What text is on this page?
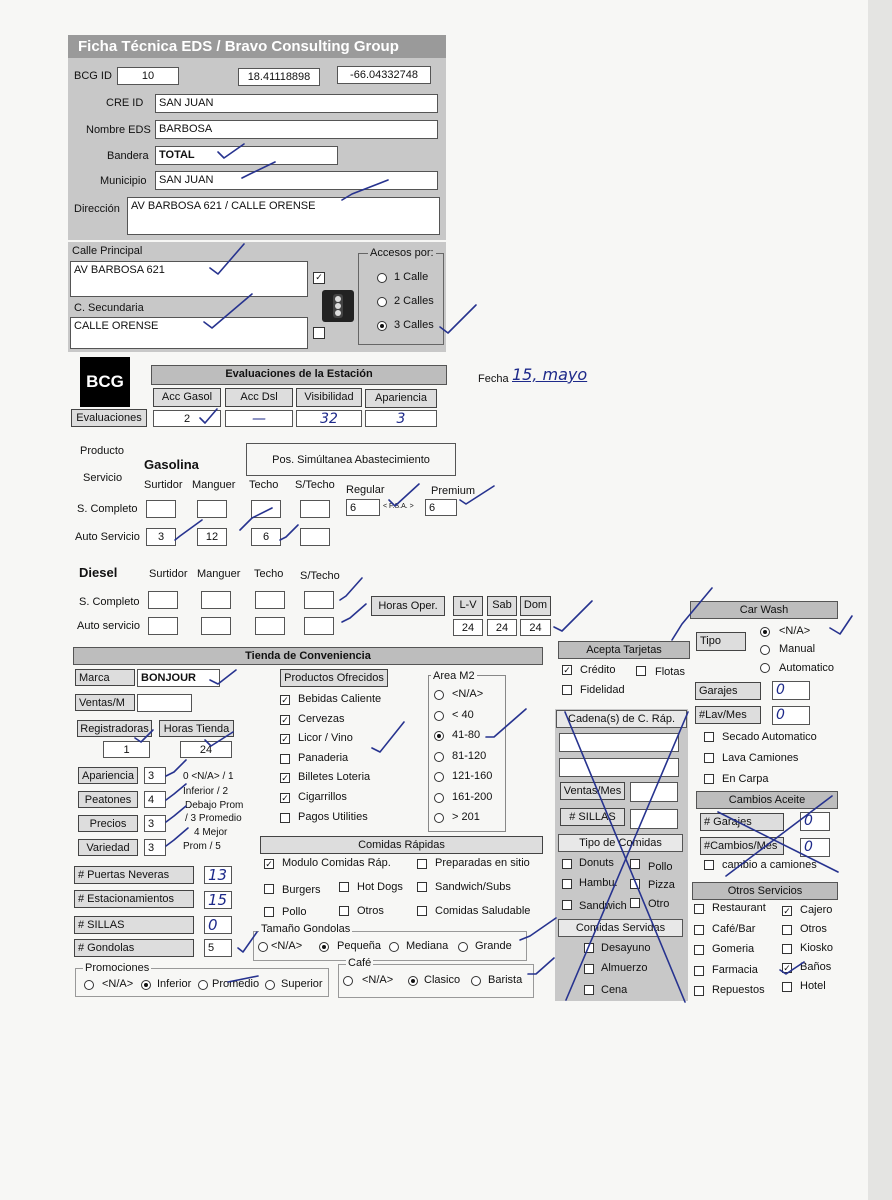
Ficha Técnica EDS / Bravo Consulting Group
BCG ID	10	18.41118898	-66.04332748
CRE ID	SAN JUAN
Nombre EDS BARBOSA
Bandera TOTAL
Municipio	SAN JUAN
Dirección	AV BARBOSA 621 / CALLE ORENSE
Calle Principal
AV BARBOSA 621
✓
C. Secundaria
CALLE ORENSE
Accesos por:
1 Calle
2 Calles
3 Calles
BCG	Evaluaciones de la Estación
Acc Gasol	Acc Dsl	Visibilidad	Apariencia
Evaluaciones	2	—	32	3
Fecha 15, mayo
Producto
Servicio
Gasolina	Pos. Simúltanea Abastecimiento
Surtidor Manguer Techo S/Techo
S. Completo
Auto Servicio	3	12	6
Regular	Premium
6	< F.S.A. >	6
Diesel	Surtidor Manguer Techo S/Techo
S. Completo
Auto servicio
Horas Oper.	L-V	Sab	Dom
24	24	24
Tienda de Conveniencia
Marca	BONJOUR
Ventas/M
Registradoras	Horas Tienda
1	24
Apariencia	3
Peatones	4
Precios	3
Variedad	3
0 <N/A> / 1
Inferior / 2
Debajo Prom
/ 3 Promedio
4 Mejor
Prom / 5
# Puertas Neveras	13
# Estacionamientos	15
# SILLAS	0
# Gondolas	5
Productos Ofrecidos
✓ Bebidas Caliente
✓ Cervezas
✓ Licor / Vino
Panaderia
✓ Billetes Loteria
✓ Cigarrillos
Pagos Utilities
Area M2
<N/A>
< 40
41-80
81-120
121-160
161-200
> 201
Comidas Rápidas
✓ Modulo Comidas Ráp.	Preparadas en sitio
Burgers	Hot Dogs	Sandwich/Subs
Pollo	Otros	Comidas Saludable
Tamaño Gondolas
<N/A>	Pequeña Mediana Grande
Promociones
<N/A> Inferior Promedio Superior
Café
<N/A>	Clasico	Barista
Acepta Tarjetas
✓ Crédito	Flotas
Fidelidad
Cadena(s) de C. Ráp.
Ventas/Mes
# SILLAS
Tipo de Comidas
Donuts	Pollo
Hambu.	Pizza
Sandwich Otro
Comidas Servidas
Desayuno
Almuerzo
Cena
Car Wash
Tipo
<N/A>
Manual
Automatico
Garajes	0
#Lav/Mes	0
Secado Automatico
Lava Camiones
En Carpa
Cambios Aceite
# Garajes	0
#Cambios/Mes	0
cambio a camiones
Otros Servicios
Restaurant
Café/Bar
Gomeria
Farmacia
Repuestos
✓ Cajero
Otros
Kiosko
✓ Baños
Hotel
